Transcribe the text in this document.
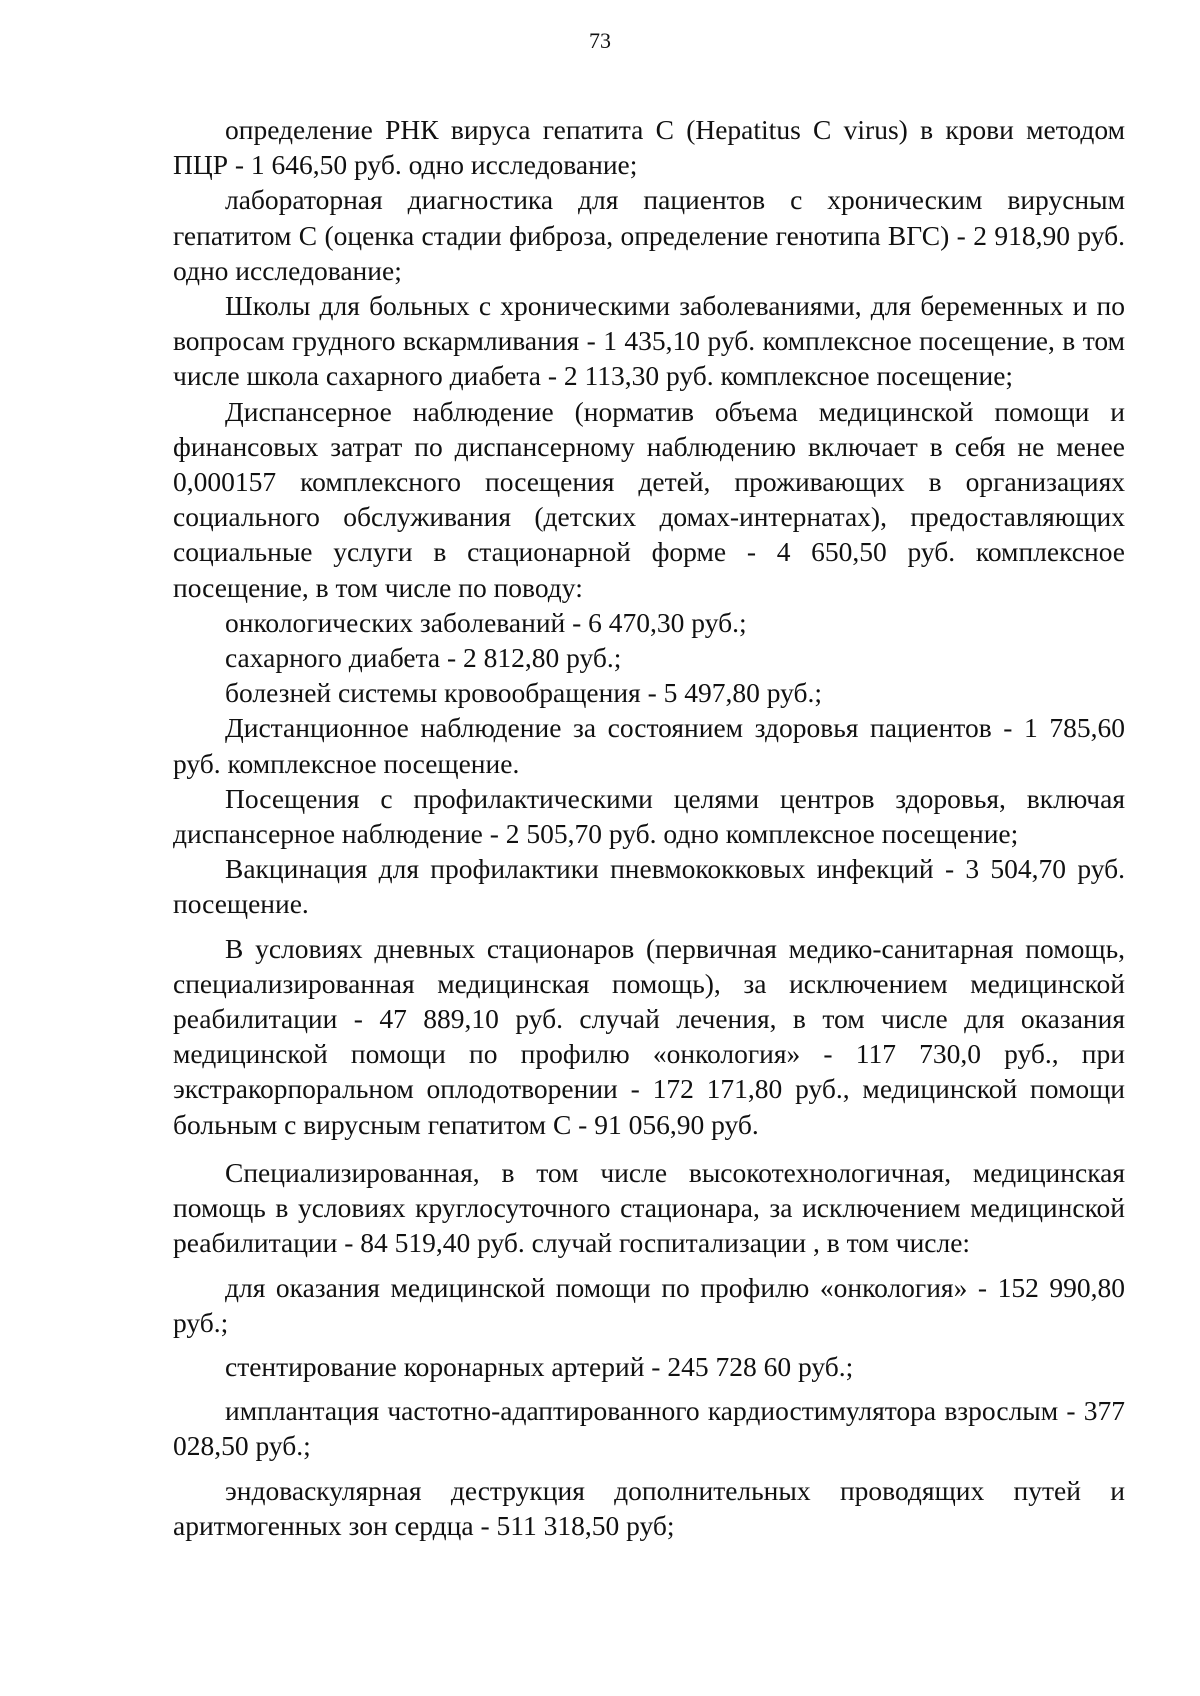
73

определение РНК вируса гепатита С (Hepatitus C virus) в крови методом ПЦР - 1 646,50 руб. одно исследование;

лабораторная диагностика для пациентов с хроническим вирусным гепатитом С (оценка стадии фиброза, определение генотипа ВГС) - 2 918,90 руб. одно исследование;

Школы для больных с хроническими заболеваниями, для беременных и по вопросам грудного вскармливания - 1 435,10 руб. комплексное посещение, в том числе школа сахарного диабета - 2 113,30 руб. комплексное посещение;

Диспансерное наблюдение (норматив объема медицинской помощи и финансовых затрат по диспансерному наблюдению включает в себя не менее 0,000157 комплексного посещения детей, проживающих в организациях социального обслуживания (детских домах-интернатах), предоставляющих социальные услуги в стационарной форме - 4 650,50 руб. комплексное посещение, в том числе по поводу:

онкологических заболеваний - 6 470,30 руб.;

сахарного диабета - 2 812,80 руб.;

болезней системы кровообращения - 5 497,80 руб.;

Дистанционное наблюдение за состоянием здоровья пациентов - 1 785,60 руб. комплексное посещение.

Посещения с профилактическими целями центров здоровья, включая диспансерное наблюдение - 2 505,70 руб. одно комплексное посещение;

Вакцинация для профилактики пневмококковых инфекций - 3 504,70 руб. посещение.

В условиях дневных стационаров (первичная медико-санитарная помощь, специализированная медицинская помощь), за исключением медицинской реабилитации - 47 889,10 руб. случай лечения, в том числе для оказания медицинской помощи по профилю «онкология» - 117 730,0 руб., при экстракорпоральном оплодотворении - 172 171,80 руб., медицинской помощи больным с вирусным гепатитом С - 91 056,90 руб.

Специализированная, в том числе высокотехнологичная, медицинская помощь в условиях круглосуточного стационара, за исключением медицинской реабилитации - 84 519,40 руб. случай госпитализации , в том числе:

для оказания медицинской помощи по профилю «онкология» - 152 990,80 руб.;

стентирование коронарных артерий - 245 728 60 руб.;

имплантация частотно-адаптированного кардиостимулятора взрослым - 377 028,50 руб.;

эндоваскулярная деструкция дополнительных проводящих путей и аритмогенных зон сердца - 511 318,50 руб;
